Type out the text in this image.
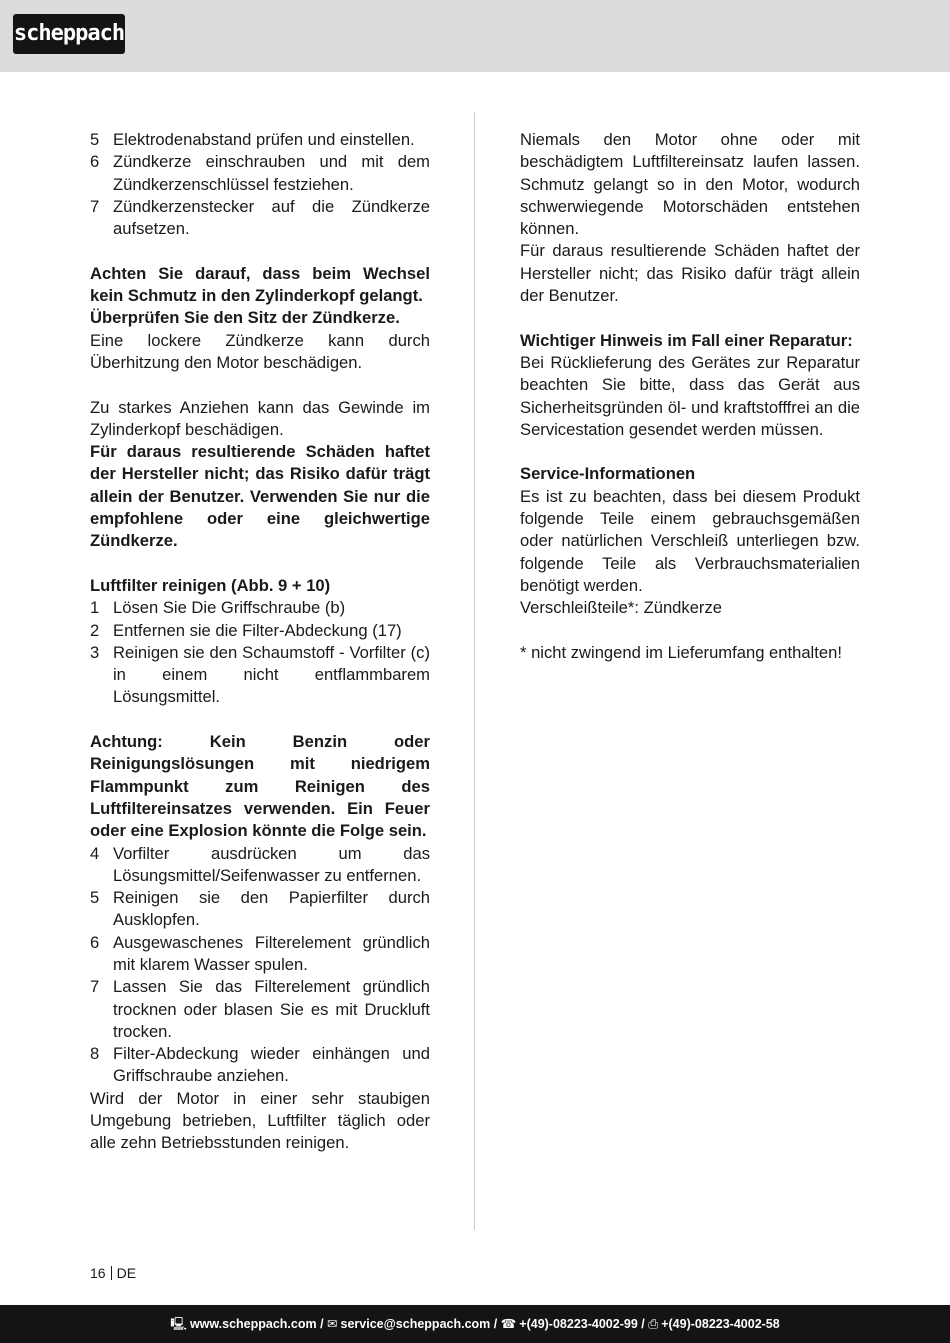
scheppach
5 Elektrodenabstand prüfen und einstellen.
6 Zündkerze einschrauben und mit dem Zündkerzenschlüssel festziehen.
7 Zündkerzenstecker auf die Zündkerze aufsetzen.

Achten Sie darauf, dass beim Wechsel kein Schmutz in den Zylinderkopf gelangt.

Überprüfen Sie den Sitz der Zündkerze.

Eine lockere Zündkerze kann durch Überhitzung den Motor beschädigen.

Zu starkes Anziehen kann das Gewinde im Zylinderkopf beschädigen.

Für daraus resultierende Schäden haftet der Hersteller nicht; das Risiko dafür trägt allein der Benutzer. Verwenden Sie nur die empfohlene oder eine gleichwertige Zündkerze.

Luftfilter reinigen (Abb. 9 + 10)

1 Lösen Sie Die Griffschraube (b)
2 Entfernen sie die Filter-Abdeckung (17)
3 Reinigen sie den Schaumstoff - Vorfilter (c) in einem nicht entflammbarem Lösungsmittel.

Achtung: Kein Benzin oder Reinigungslösungen mit niedrigem Flammpunkt zum Reinigen des Luftfiltereinsatzes verwenden. Ein Feuer oder eine Explosion könnte die Folge sein.

4 Vorfilter ausdrücken um das Lösungsmittel/Seifenwasser zu entfernen.
5 Reinigen sie den Papierfilter durch Ausklopfen.
6 Ausgewaschenes Filterelement gründlich mit klarem Wasser spulen.
7 Lassen Sie das Filterelement gründlich trocknen oder blasen Sie es mit Druckluft trocken.
8 Filter-Abdeckung wieder einhängen und Griffschraube anziehen.

Wird der Motor in einer sehr staubigen Umgebung betrieben, Luftfilter täglich oder alle zehn Betriebsstunden reinigen.

Niemals den Motor ohne oder mit beschädigtem Luftfiltereinsatz laufen lassen. Schmutz gelangt so in den Motor, wodurch schwerwiegende Motorschäden entstehen können.

Für daraus resultierende Schäden haftet der Hersteller nicht; das Risiko dafür trägt allein der Benutzer.

Wichtiger Hinweis im Fall einer Reparatur:

Bei Rücklieferung des Gerätes zur Reparatur beachten Sie bitte, dass das Gerät aus Sicherheitsgründen öl- und kraftstofffrei an die Servicestation gesendet werden müssen.

Service-Informationen

Es ist zu beachten, dass bei diesem Produkt folgende Teile einem gebrauchsgemäßen oder natürlichen Verschleiß unterliegen bzw. folgende Teile als Verbrauchsmaterialien benötigt werden.

Verschleißteile*: Zündkerze

* nicht zwingend im Lieferumfang enthalten!

16 DE
🖳 www.scheppach.com / ✉ service@scheppach.com / ☎ +(49)-08223-4002-99 / ⎙ +(49)-08223-4002-58
